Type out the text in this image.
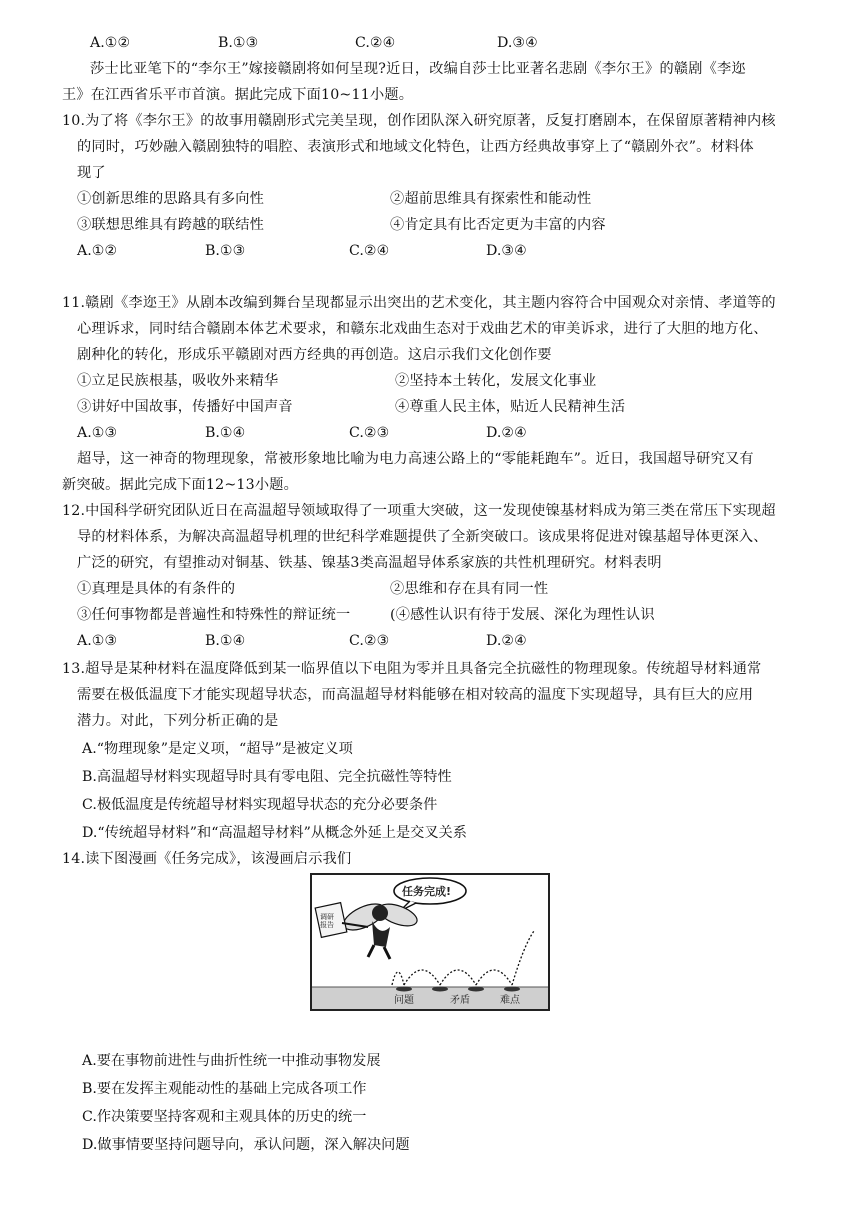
A.①②	B.①③	C.②④	D.③④
莎士比亚笔下的“李尔王”嫁接赣剧将如何呈现?近日，改编自莎士比亚著名悲剧《李尔王》的赣剧《李迩
王》在江西省乐平市首演。据此完成下面10~11小题。
10.为了将《李尔王》的故事用赣剧形式完美呈现，创作团队深入研究原著，反复打磨剧本，在保留原著精神内核
的同时，巧妙融入赣剧独特的唱腔、表演形式和地域文化特色，让西方经典故事穿上了“赣剧外衣”。材料体
现了
①创新思维的思路具有多向性	②超前思维具有探索性和能动性
③联想思维具有跨越的联结性	④肯定具有比否定更为丰富的内容
A.①②	B.①③	C.②④	D.③④
11.赣剧《李迩王》从剧本改编到舞台呈现都显示出突出的艺术变化，其主题内容符合中国观众对亲情、孝道等的
心理诉求，同时结合赣剧本体艺术要求，和赣东北戏曲生态对于戏曲艺术的审美诉求，进行了大胆的地方化、
剧种化的转化，形成乐平赣剧对西方经典的再创造。这启示我们文化创作要
①立足民族根基，吸收外来精华	②坚持本土转化，发展文化事业
③讲好中国故事，传播好中国声音	④尊重人民主体，贴近人民精神生活
A.①③	B.①④	C.②③	D.②④
超导，这一神奇的物理现象，常被形象地比喻为电力高速公路上的“零能耗跑车”。近日，我国超导研究又有
新突破。据此完成下面12~13小题。
12.中国科学研究团队近日在高温超导领域取得了一项重大突破，这一发现使镍基材料成为第三类在常压下实现超
导的材料体系，为解决高温超导机理的世纪科学难题提供了全新突破口。该成果将促进对镍基超导体更深入、
广泛的研究，有望推动对铜基、铁基、镍基3类高温超导体系家族的共性机理研究。材料表明
①真理是具体的有条件的	②思维和存在具有同一性
③任何事物都是普遍性和特殊性的辩证统一	(④感性认识有待于发展、深化为理性认识
A.①③	B.①④	C.②③	D.②④
13.超导是某种材料在温度降低到某一临界值以下电阻为零并且具备完全抗磁性的物理现象。传统超导材料通常
需要在极低温度下才能实现超导状态，而高温超导材料能够在相对较高的温度下实现超导，具有巨大的应用
潜力。对此，下列分析正确的是
A.“物理现象”是定义项，“超导”是被定义项
B.高温超导材料实现超导时具有零电阻、完全抗磁性等特性
C.极低温度是传统超导材料实现超导状态的充分必要条件
D.“传统超导材料”和“高温超导材料”从概念外延上是交叉关系
14.读下图漫画《任务完成》，该漫画启示我们
任务完成!
调研报告
问题	矛盾	难点
A.要在事物前进性与曲折性统一中推动事物发展
B.要在发挥主观能动性的基础上完成各项工作
C.作决策要坚持客观和主观具体的历史的统一
D.做事情要坚持问题导向，承认问题，深入解决问题
